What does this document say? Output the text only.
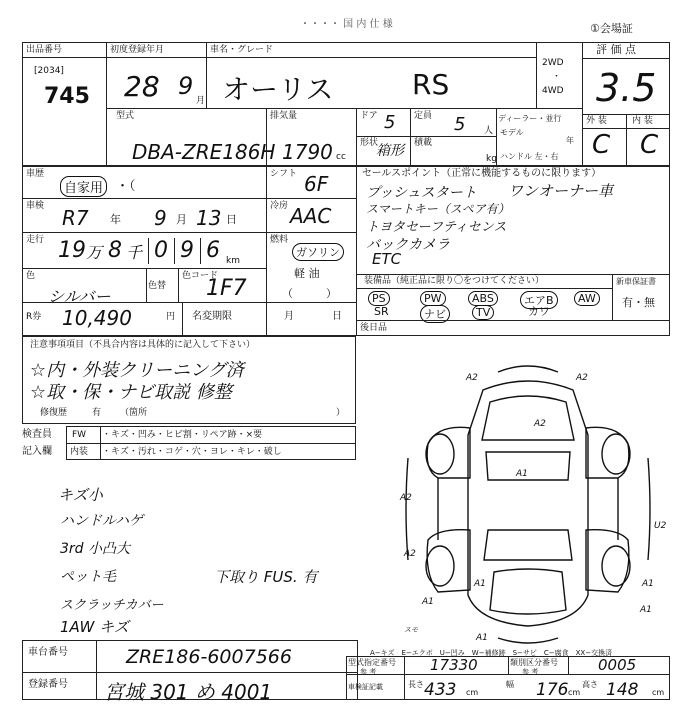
・・・・ 国 内 仕 様	①会場証
出品番号
[2034]
745
初度登録年月
28 9
月
車名・グレード
オーリス	RS
2WD
・
4WD
評 価 点
3.5
外 装	内 装
C C
型式
DBA-ZRE186H
排気量
1790 cc
ドア 5 定員 5 人
形状
箱形 積載
kg
ディーラー・並行
モデル
年
ハンドル 左・右
車歴
自家用 ・（
シフト 6F
車検 R7 年 9 月 13 日
冷房 AAC
走行 19 万 8 千 0 9 6 km
燃料
ガソリン
軽 油
（　　　）
色
シルバー
色替
色コード
1F7
R券 10,490	円 名変期限	月	日
セールスポイント（正常に機能するものに限ります）
プッシュスタート ワンオーナー車
スマートキー（スペア有）
トヨタセーフティセンス
バックカメラ
ETC
装備品（純正品に限り〇をつけてください）	新車保証書
有・無
PS	PW	ABS	エアB	AW
SR	ナビ	TV	カワ
後日品
注意事項項目（不具合内容は具体的に記入して下さい）
☆内・外装クリーニング済
☆取・保・ナビ取説 修整
修復歴	有 （箇所	）
検査員 FW ・キズ・凹み・ヒビ割・リペア跡・×要
記入欄 内装 ・キズ・汚れ・コゲ・穴・ヨレ・キレ・破し
キズ小
ハンドルハゲ
3rd 小凸大
ペット毛
スクラッチカバー
1AW キズ
下取り FUS. 有
A2	A2
A2
A1
A2
A2
U2
A1
A1
A1
A1
A1
スモ
A−キズ　E−エクボ　U−凹み　W−補修跡　S−サビ　C−腐食　XX−交換済
車台番号	ZRE186-6007566
登録番号 宮城 301 め 4001
型式指定番号
参 考	17330	類別区分番号
参 考	0005
車検証記載	長さ 433 cm
幅 176 cm
高さ 148 cm
